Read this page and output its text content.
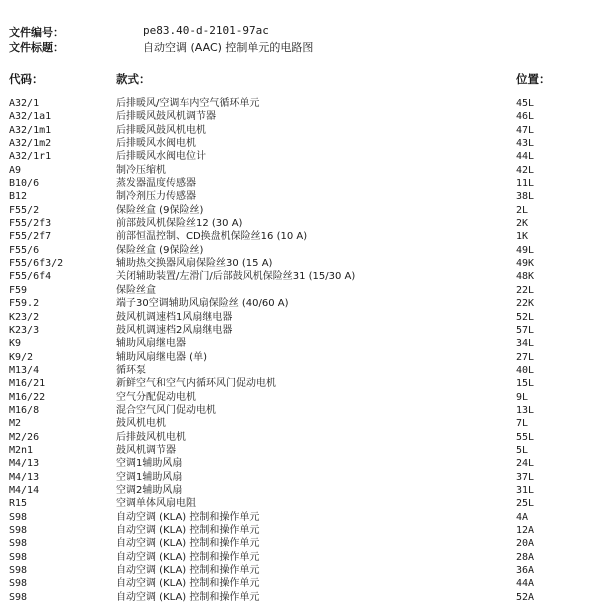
文件编号：	pe83.40-d-2101-97ac
文件标题：	自动空调 (AAC) 控制单元的电路图
代码：	款式：	位置：
A32/1	后排暖风/空调车内空气循环单元	45L
A32/1a1	后排暖风鼓风机调节器	46L
A32/1m1	后排暖风鼓风机电机	47L
A32/1m2	后排暖风水阀电机	43L
A32/1r1	后排暖风水阀电位计	44L
A9	制冷压缩机	42L
B10/6	蒸发器温度传感器	11L
B12	制冷剂压力传感器	38L
F55/2	保险丝盒 (9保险丝)	2L
F55/2f3	前部鼓风机保险丝12 (30 A)	2K
F55/2f7	前部恒温控制、CD换盘机保险丝16 (10 A)	1K
F55/6	保险丝盒 (9保险丝)	49L
F55/6f3/2	辅助热交换器风扇保险丝30 (15 A)	49K
F55/6f4	关闭辅助装置/左滑门/后部鼓风机保险丝31 (15/30 A)	48K
F59	保险丝盒	22L
F59.2	端子30空调辅助风扇保险丝 (40/60 A)	22K
K23/2	鼓风机调速档1风扇继电器	52L
K23/3	鼓风机调速档2风扇继电器	57L
K9	辅助风扇继电器	34L
K9/2	辅助风扇继电器 (单)	27L
M13/4	循环泵	40L
M16/21	新鲜空气和空气内循环风门促动电机	15L
M16/22	空气分配促动电机	9L
M16/8	混合空气风门促动电机	13L
M2	鼓风机电机	7L
M2/26	后排鼓风机电机	55L
M2n1	鼓风机调节器	5L
M4/13	空调1辅助风扇	24L
M4/13	空调1辅助风扇	37L
M4/14	空调2辅助风扇	31L
R15	空调单体风扇电阻	25L
S98	自动空调 (KLA) 控制和操作单元	4A
S98	自动空调 (KLA) 控制和操作单元	12A
S98	自动空调 (KLA) 控制和操作单元	20A
S98	自动空调 (KLA) 控制和操作单元	28A
S98	自动空调 (KLA) 控制和操作单元	36A
S98	自动空调 (KLA) 控制和操作单元	44A
S98	自动空调 (KLA) 控制和操作单元	52A
